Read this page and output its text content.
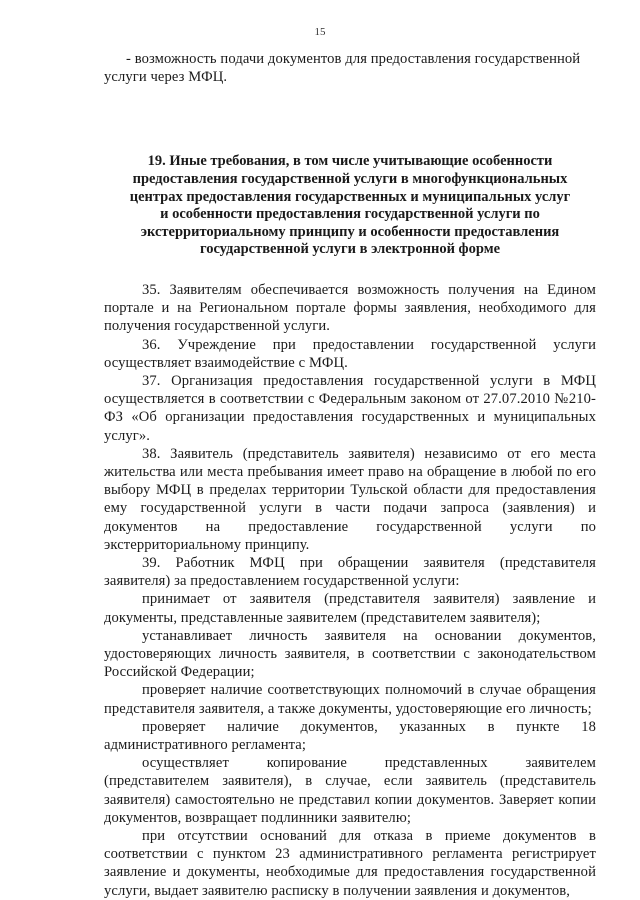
15

- возможность подачи документов для предоставления государственной

услуги через МФЦ.

19. Иные требования, в том числе учитывающие особенности
предоставления государственной услуги в многофункциональных
центрах предоставления государственных и муниципальных услуг
и особенности предоставления государственной услуги по
экстерриториальному принципу и особенности предоставления
государственной услуги в электронной форме

35. Заявителям обеспечивается возможность получения на Едином портале и на Региональном портале формы заявления, необходимого для получения государственной услуги.

36. Учреждение при предоставлении государственной услуги осуществляет взаимодействие с МФЦ.

37. Организация предоставления государственной услуги в МФЦ осуществляется в соответствии с Федеральным законом от 27.07.2010 №210-ФЗ «Об организации предоставления государственных и муниципальных услуг».

38. Заявитель (представитель заявителя) независимо от его места жительства или места пребывания имеет право на обращение в любой по его выбору МФЦ в пределах территории Тульской области для предоставления ему государственной услуги в части подачи запроса (заявления) и документов на предоставление государственной услуги по экстерриториальному принципу.

39. Работник МФЦ при обращении заявителя (представителя заявителя) за предоставлением государственной услуги:

принимает от заявителя (представителя заявителя) заявление и документы, представленные заявителем (представителем заявителя);

устанавливает личность заявителя на основании документов, удостоверяющих личность заявителя, в соответствии с законодательством Российской Федерации;

проверяет наличие соответствующих полномочий в случае обращения представителя заявителя, а также документы, удостоверяющие его личность;

проверяет наличие документов, указанных в пункте 18 административного регламента;

осуществляет копирование представленных заявителем (представителем заявителя), в случае, если заявитель (представитель заявителя) самостоятельно не представил копии документов. Заверяет копии документов, возвращает подлинники заявителю;

при отсутствии оснований для отказа в приеме документов в соответствии с пунктом 23 административного регламента регистрирует заявление и документы, необходимые для предоставления государственной услуги, выдает заявителю расписку в получении заявления и документов,
